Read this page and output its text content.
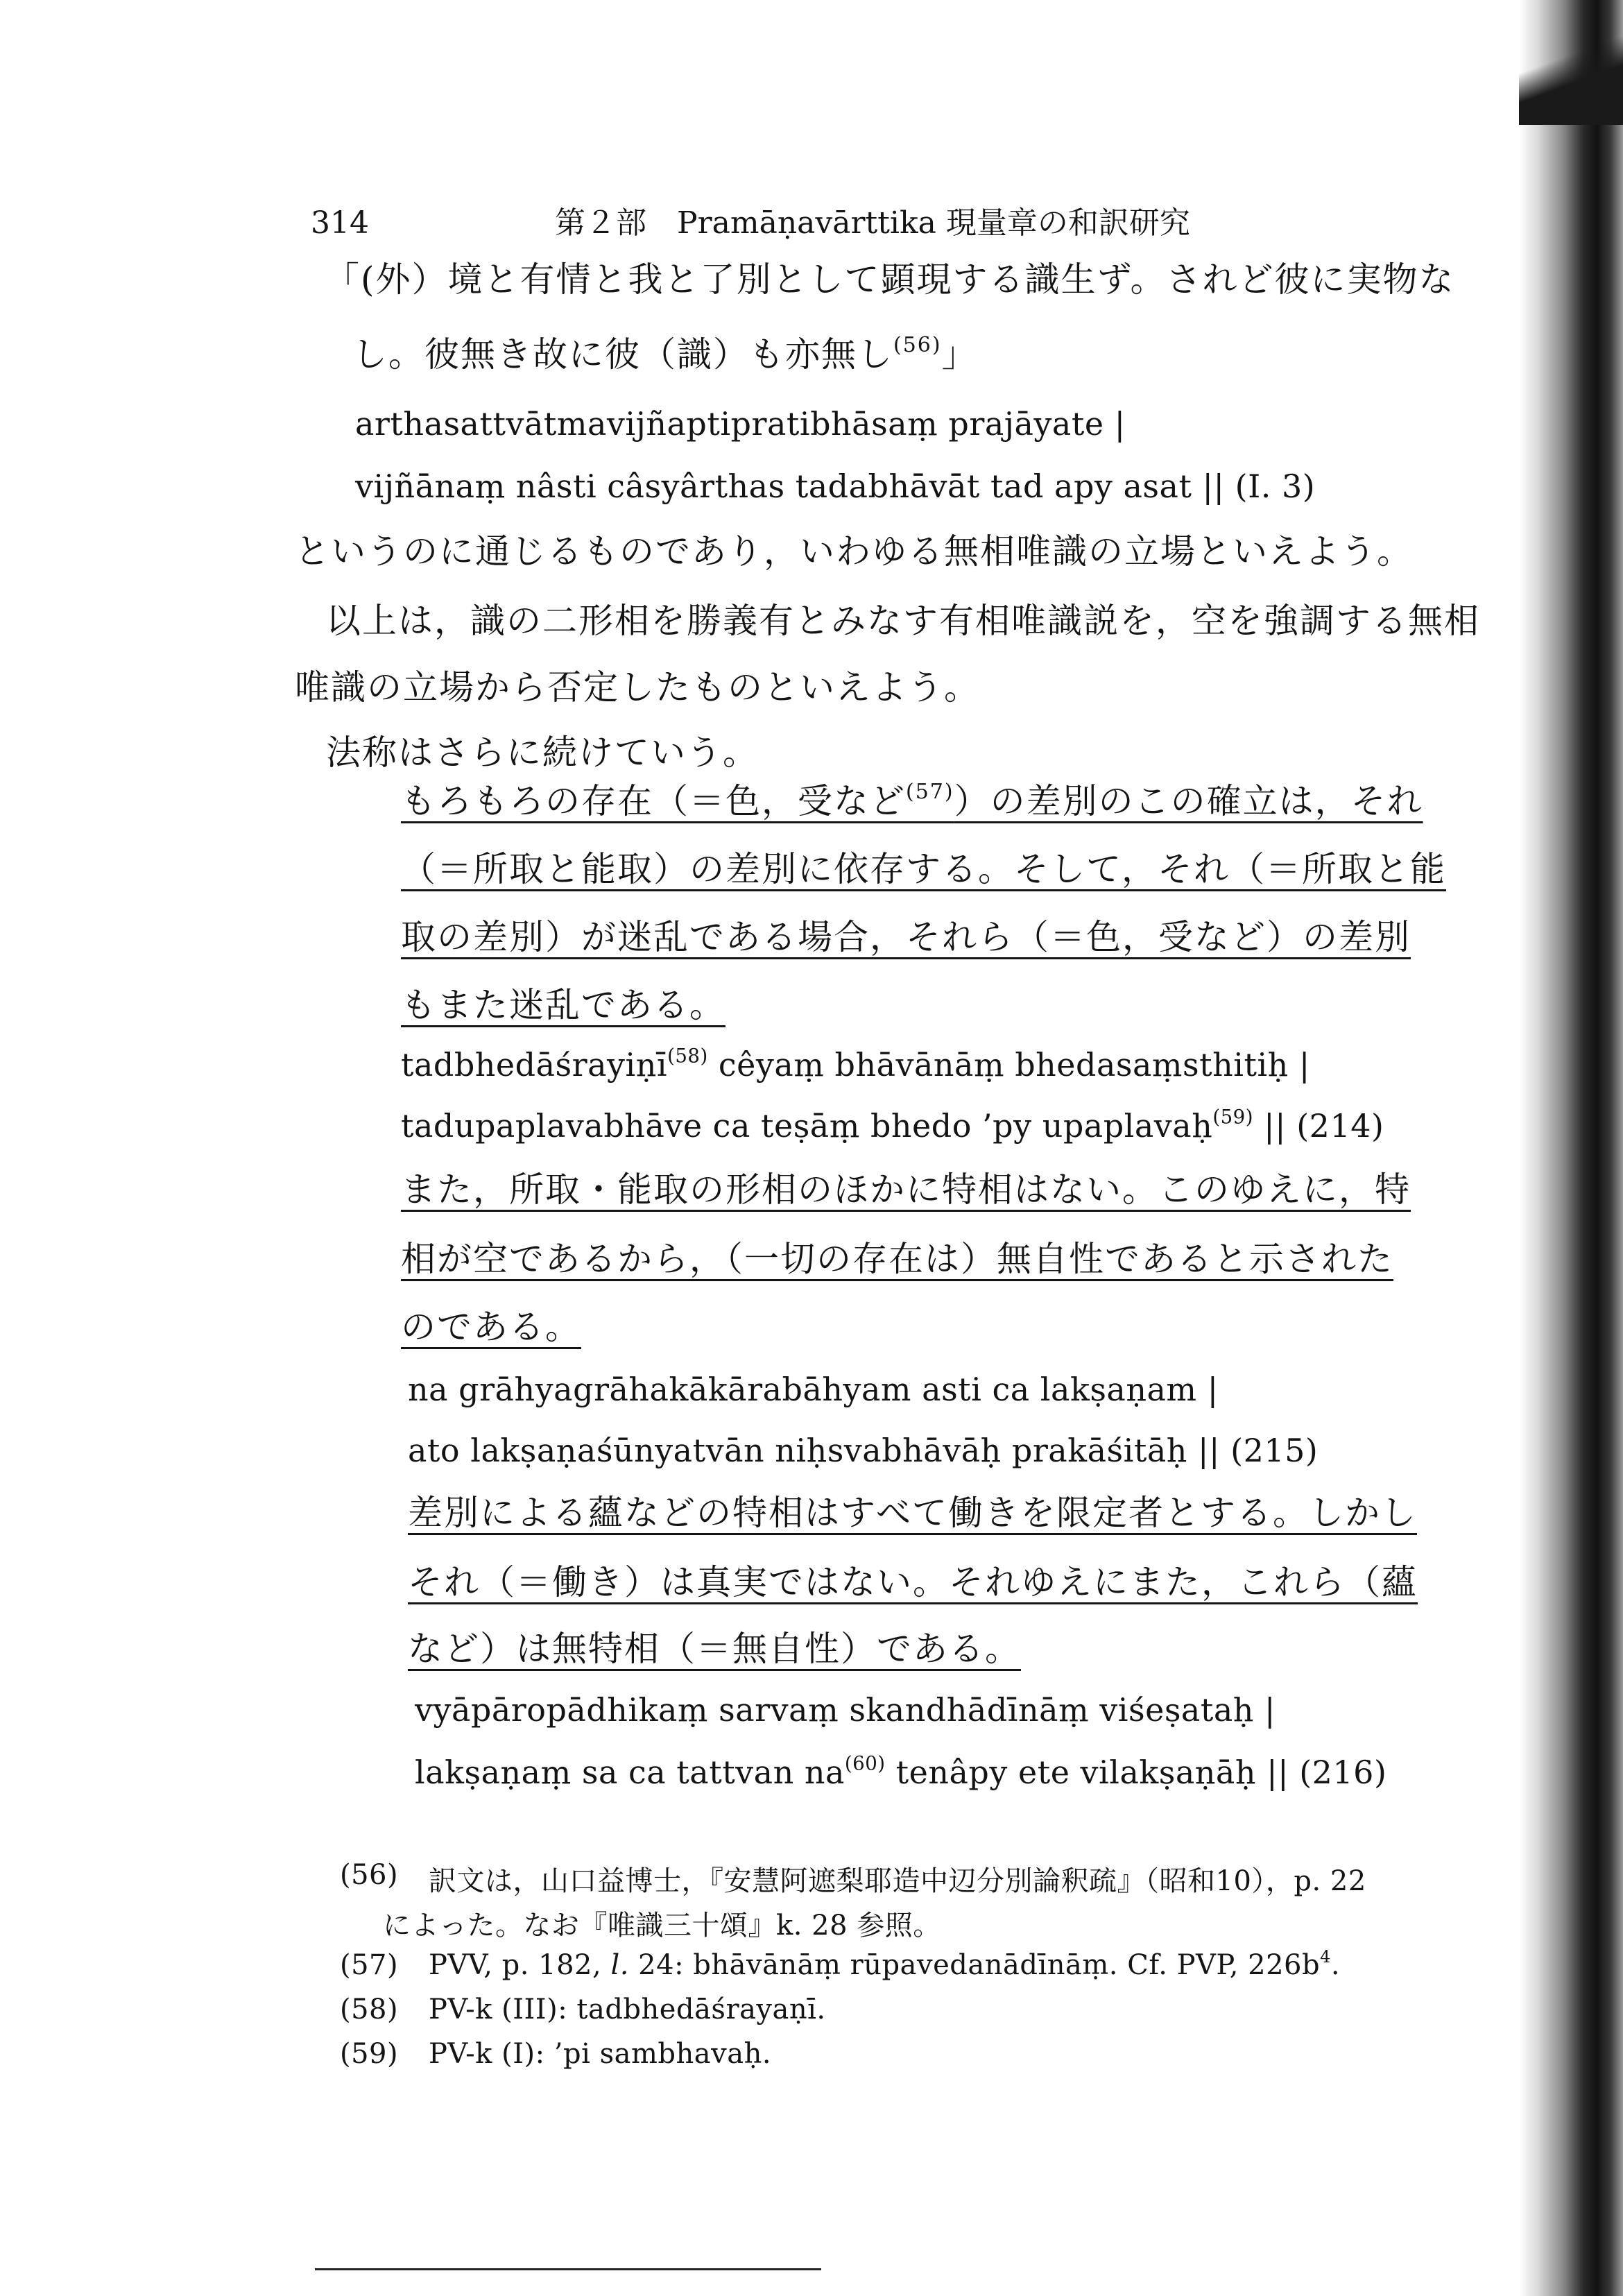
314	第２部　Pramāṇavārttika 現量章の和訳研究
「(外）境と有情と我と了別として顕現する識生ず。されど彼に実物な
し。彼無き故に彼（識）も亦無し$^{(56)}$」
arthasattvātmavijñaptipratibhāsaṃ prajāyate |
vijñānaṃ nâsti câsyârthas tadabhāvāt tad apy asat || (I. 3)
というのに通じるものであり，いわゆる無相唯識の立場といえよう。
以上は，識の二形相を勝義有とみなす有相唯識説を，空を強調する無相
唯識の立場から否定したものといえよう。
法称はさらに続けていう。
もろもろの存在（＝色，受など$^{(57)}$）の差別のこの確立は，それ
（＝所取と能取）の差別に依存する。そして，それ（＝所取と能
取の差別）が迷乱である場合，それら（＝色，受など）の差別
もまた迷乱である。
tadbhedāśrayiṇī$^{(58)}$ cêyaṃ bhāvānāṃ bhedasaṃsthitiḥ |
tadupaplavabhāve ca teṣāṃ bhedo ’py upaplavaḥ$^{(59)}$ || (214)
また，所取・能取の形相のほかに特相はない。このゆえに，特
相が空であるから，（一切の存在は）無自性であると示された
のである。
na grāhyagrāhakākārabāhyam asti ca lakṣaṇam |
ato lakṣaṇaśūnyatvān niḥsvabhāvāḥ prakāśitāḥ || (215)
差別による蘊などの特相はすべて働きを限定者とする。しかし
それ（＝働き）は真実ではない。それゆえにまた，これら（蘊
など）は無特相（＝無自性）である。
vyāpāropādhikaṃ sarvaṃ skandhādīnāṃ viśeṣataḥ |
lakṣaṇaṃ sa ca tattvan $na^{(60)}$ tenâpy ete vilakṣaṇāḥ || (216)
(56) 訳文は，山口益博士，『安慧阿遮梨耶造中辺分別論釈疏』（昭和10），p. 22
によった。なお『唯識三十頌』k. 28 参照。
(57) PVV, p. 182, l. 24: bhāvānāṃ rūpavedanādīnāṃ. Cf. PVP, $226b^4$.
(58) PV-k (III): tadbhedāśrayaṇī.
(59) PV-k (I): ’pi sambhavaḥ.
